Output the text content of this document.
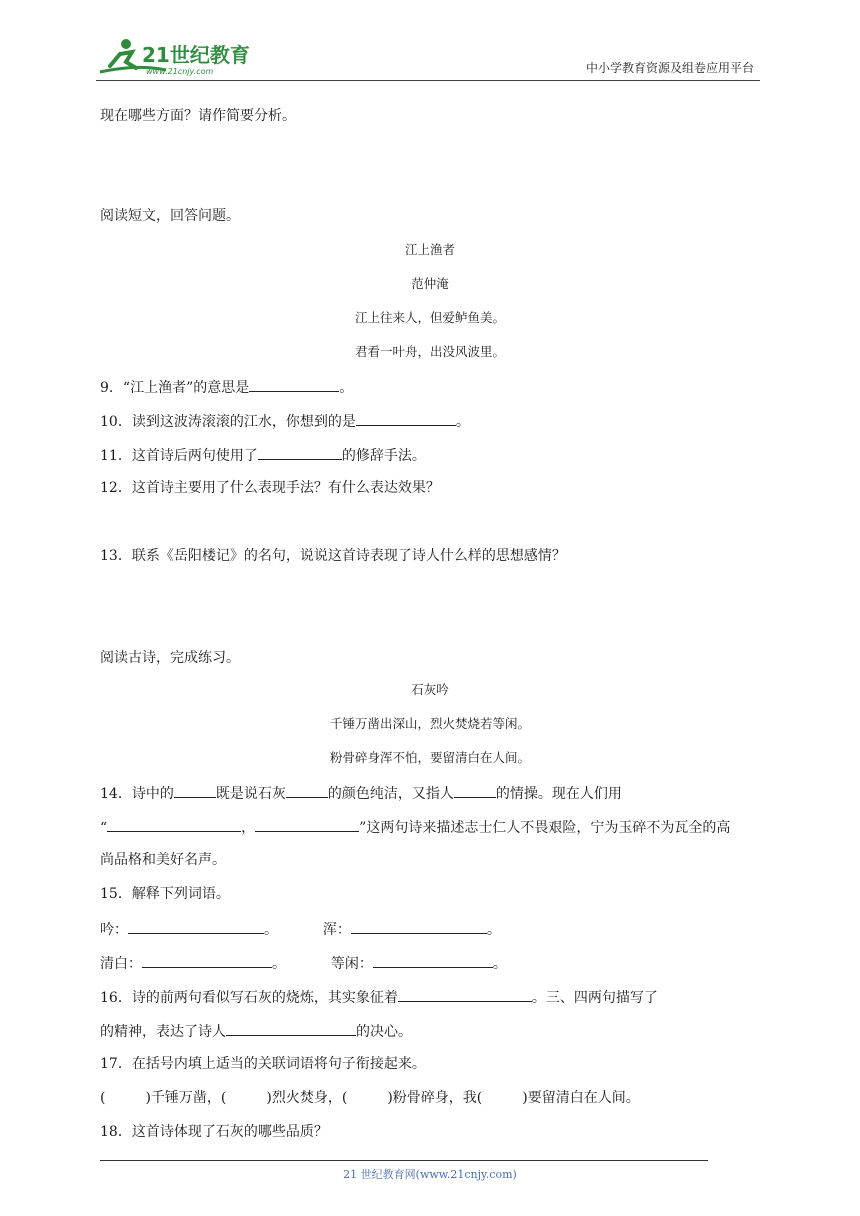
21世纪教育
www.21cnjy.com	中小学教育资源及组卷应用平台
现在哪些方面？请作简要分析。
阅读短文，回答问题。
江上渔者
范仲淹
江上往来人，但爱鲈鱼美。
君看一叶舟，出没风波里。
9．“江上渔者”的意思是	。
10．读到这波涛滚滚的江水，你想到的是	。
11．这首诗后两句使用了	的修辞手法。
12．这首诗主要用了什么表现手法？有什么表达效果？
13．联系《岳阳楼记》的名句，说说这首诗表现了诗人什么样的思想感情？
阅读古诗，完成练习。
石灰吟
千锤万凿出深山，烈火焚烧若等闲。
粉骨碎身浑不怕，要留清白在人间。
14．诗中的	既是说石灰	的颜色纯洁，又指人	的情操。现在人们用
“	，	”这两句诗来描述志士仁人不畏艰险，宁为玉碎不为瓦全的高
尚品格和美好名声。
15．解释下列词语。
吟：	。	浑：	。
清白：	。	等闲：	。
16．诗的前两句看似写石灰的烧炼，其实象征着	。三、四两句描写了
的精神，表达了诗人	的决心。
17．在括号内填上适当的关联词语将句子衔接起来。
(	)千锤万凿，(	)烈火焚身，(	)粉骨碎身，我(	)要留清白在人间。
18．这首诗体现了石灰的哪些品质？
21 世纪教育网(www.21cnjy.com)
